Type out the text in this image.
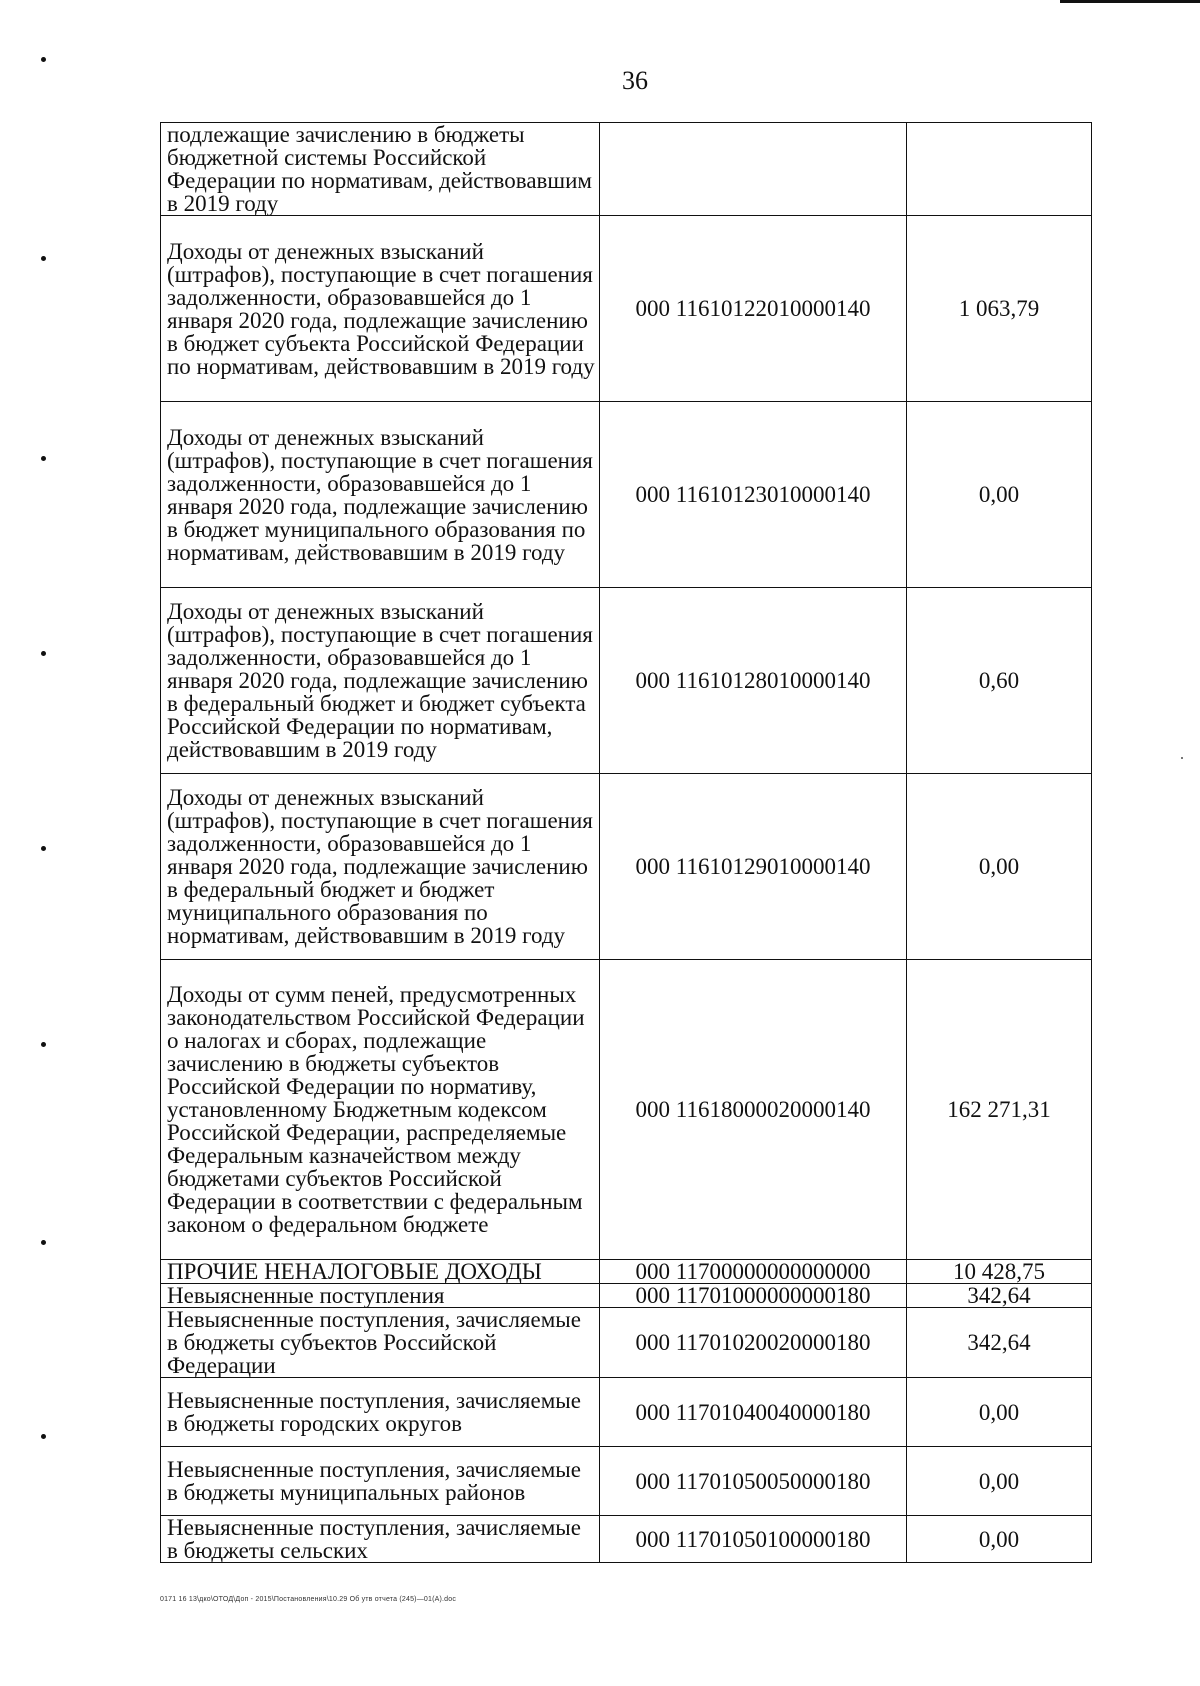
36
подлежащие зачислению в бюджеты бюджетной системы Российской Федерации по нормативам, действовавшим в 2019 году		
Доходы от денежных взысканий (штрафов), поступающие в счет погашения задолженности, образовавшейся до 1 января 2020 года, подлежащие зачислению в бюджет субъекта Российской Федерации по нормативам, действовавшим в 2019 году	000 11610122010000140	1 063,79
Доходы от денежных взысканий (штрафов), поступающие в счет погашения задолженности, образовавшейся до 1 января 2020 года, подлежащие зачислению в бюджет муниципального образования по нормативам, действовавшим в 2019 году	000 11610123010000140	0,00
Доходы от денежных взысканий (штрафов), поступающие в счет погашения задолженности, образовавшейся до 1 января 2020 года, подлежащие зачислению в федеральный бюджет и бюджет субъекта Российской Федерации по нормативам, действовавшим в 2019 году	000 11610128010000140	0,60
Доходы от денежных взысканий (штрафов), поступающие в счет погашения задолженности, образовавшейся до 1 января 2020 года, подлежащие зачислению в федеральный бюджет и бюджет муниципального образования по нормативам, действовавшим в 2019 году	000 11610129010000140	0,00
Доходы от сумм пеней, предусмотренных законодательством Российской Федерации о налогах и сборах, подлежащие зачислению в бюджеты субъектов Российской Федерации по нормативу, установленному Бюджетным кодексом Российской Федерации, распределяемые Федеральным казначейством между бюджетами субъектов Российской Федерации в соответствии с федеральным законом о федеральном бюджете	000 11618000020000140	162 271,31
ПРОЧИЕ НЕНАЛОГОВЫЕ ДОХОДЫ	000 11700000000000000	10 428,75
Невыясненные поступления	000 11701000000000180	342,64
Невыясненные поступления, зачисляемые в бюджеты субъектов Российской Федерации	000 11701020020000180	342,64
Невыясненные поступления, зачисляемые в бюджеты городских округов	000 11701040040000180	0,00
Невыясненные поступления, зачисляемые в бюджеты муниципальных районов	000 11701050050000180	0,00
Невыясненные поступления, зачисляемые в бюджеты сельских	000 11701050100000180	0,00
0171 16 13\дко\ОТОД\Доп - 2015\Постановления\10.29 Об утв отчета (245)—01(А).doc
